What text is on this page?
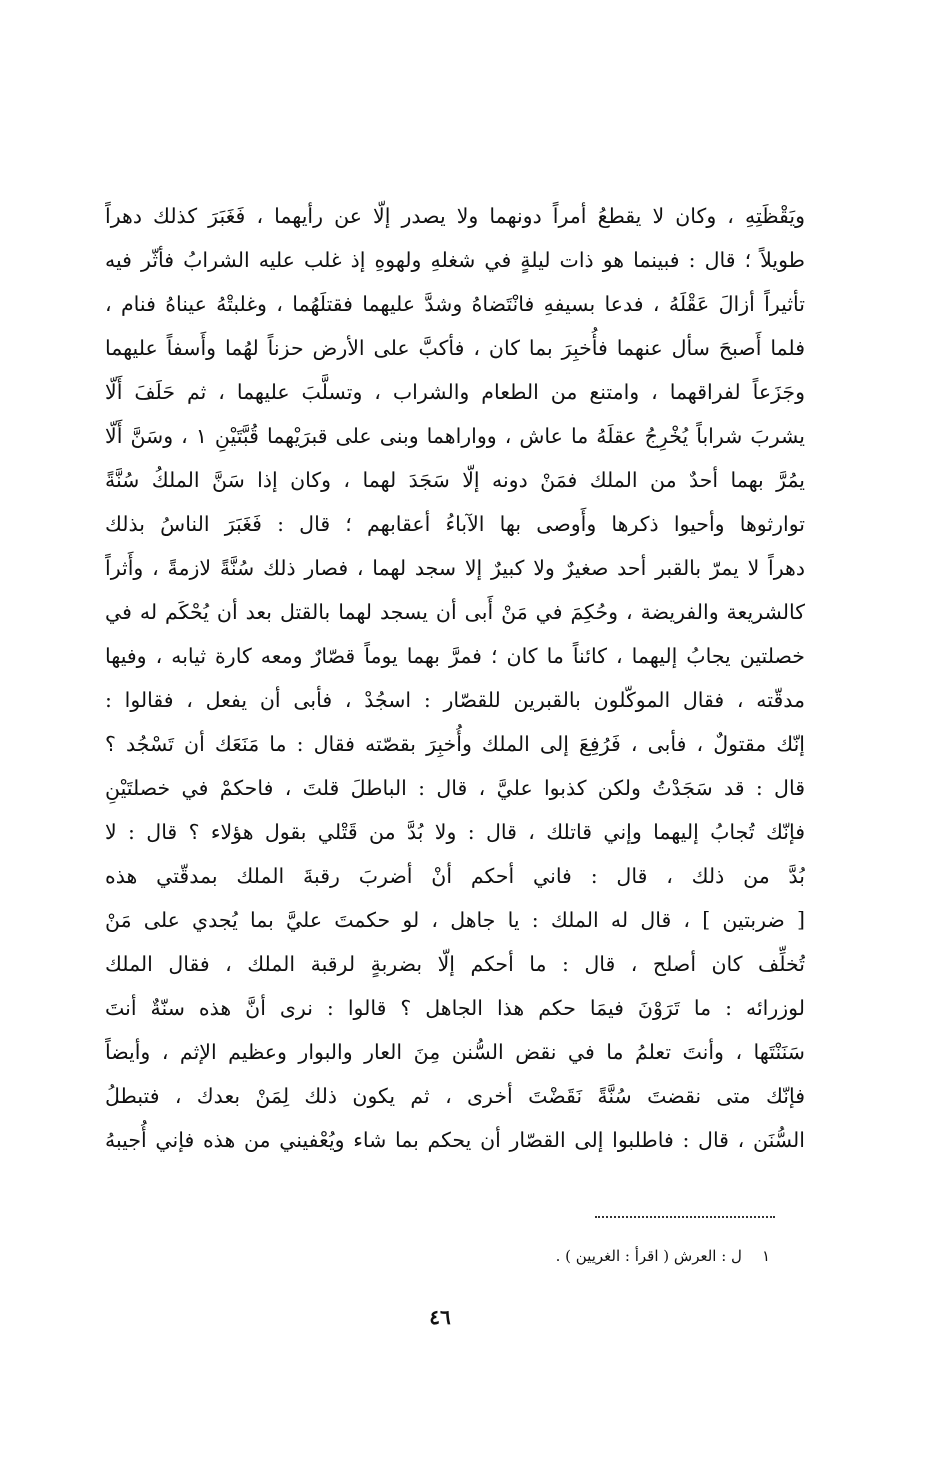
ويَقْظَتِهِ ، وكان لا يقطعُ أمراً دونهما ولا يصدر إلّا عن رأيهما ، فَغَبَرَ كذلك دهراً
طويلاً ؛ قال : فبينما هو ذات ليلةٍ في شغلهِ ولهوهِ إذ غلب عليه الشرابُ فأثّر فيه
تأثيراً أزالَ عَقْلَهُ ، فدعا بسيفهِ فانْتَضاهُ وشدَّ عليهما فقتلَهُما ، وغلبتْهُ عيناهُ فنام ،
فلما أَصبحَ سأل عنهما فأُخبِرَ بما كان ، فأكبَّ على الأرض حزناً لهُما وأَسفاً عليهما
وجَزَعاً لفراقهما ، وامتنع من الطعام والشراب ، وتسلَّبَ عليهما ، ثم حَلَفَ أَلّا
يشربَ شراباً يُخْرِجُ عقلَهُ ما عاش ، وواراهما وبنى على قبرَيْهما قُبَّتَيْنِ ١ ، وسَنَّ أَلّا
يمُرَّ بهما أحدٌ من الملك فمَنْ دونه إلّا سَجَدَ لهما ، وكان إذا سَنَّ الملكُ سُنَّةً
توارثوها وأحيوا ذكرها وأَوصى بها الآباءُ أعقابهم ؛ قال : فَغَبَرَ الناسُ بذلك
دهراً لا يمرّ بالقبر أحد صغيرٌ ولا كبيرٌ إلا سجد لهما ، فصار ذلك سُنَّةً لازمةً ، وأَثراً
كالشريعة والفريضة ، وحُكِمَ في مَنْ أَبى أن يسجد لهما بالقتل بعد أن يُحْكَم له في
خصلتين يجابُ إليهما ، كائناً ما كان ؛ فمرَّ بهما يوماً قصّارٌ ومعه كارة ثيابه ، وفيها
مدقّته ، فقال الموكّلون بالقبرين للقصّار : اسجُدْ ، فأبى أن يفعل ، فقالوا :
إنّك مقتولٌ ، فأبى ، فَرُفِعَ إلى الملك وأُخبِرَ بقصّته فقال : ما مَنَعَك أن تَسْجُد ؟
قال : قد سَجَدْتُ ولكن كذبوا عليَّ ، قال : الباطلَ قلتَ ، فاحكمْ في خصلتَيْنِ
فإنّك تُجابُ إليهما وإني قاتلك ، قال : ولا بُدَّ من قَتْلي بقول هؤلاء ؟ قال : لا
بُدَّ من ذلك ، قال : فاني أحكم أنْ أضربَ رقبةَ الملك بمدقّتي هذه
[ ضربتين ] ، قال له الملك : يا جاهل ، لو حكمتَ عليَّ بما يُجدي على مَنْ
تُخلِّف كان أصلح ، قال : ما أحكم إلّا بضربةٍ لرقبة الملك ، فقال الملك
لوزرائه : ما تَرَوْنَ فيمَا حكم هذا الجاهل ؟ قالوا : نرى أنَّ هذه سنّةٌ أنتَ
سَنَنْتَها ، وأنتَ تعلمُ ما في نقض السُّنن مِنَ العار والبوار وعظيم الإثم ، وأيضاً
فإنّك متى نقضتَ سُنَّةً نَقَضْتَ أخرى ، ثم يكون ذلك لِمَنْ بعدك ، فتبطلُ
السُّنَن ، قال : فاطلبوا إلى القصّار أن يحكم بما شاء ويُعْفيني من هذه فإني أُجيبهُ
١
ل : العرش ( اقرأ : الغريين ) .
٤٦
